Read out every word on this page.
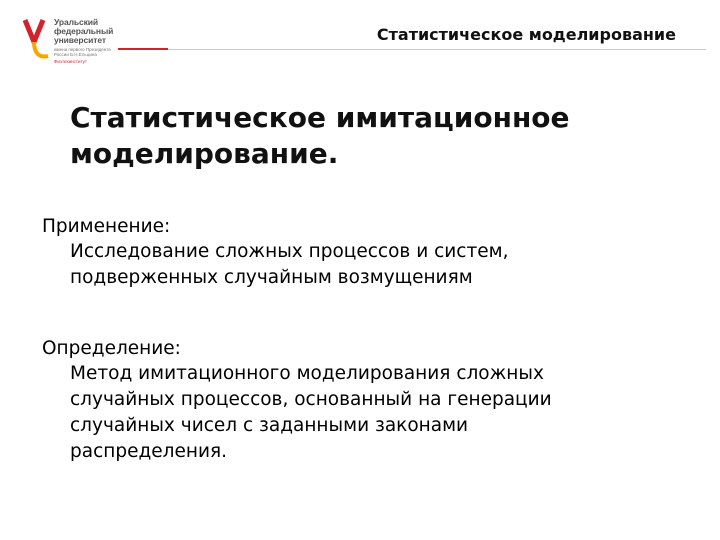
Уральский
федеральный
университет
имени первого Президента
России Б.Н.Ельцина
Физтехинститут
Статистическое моделирование
Статистическое имитационное
моделирование.
Применение:
Исследование сложных процессов и систем,
подверженных случайным возмущениям
Определение:
Метод имитационного моделирования сложных
случайных процессов, основанный на генерации
случайных чисел с заданными законами
распределения.
